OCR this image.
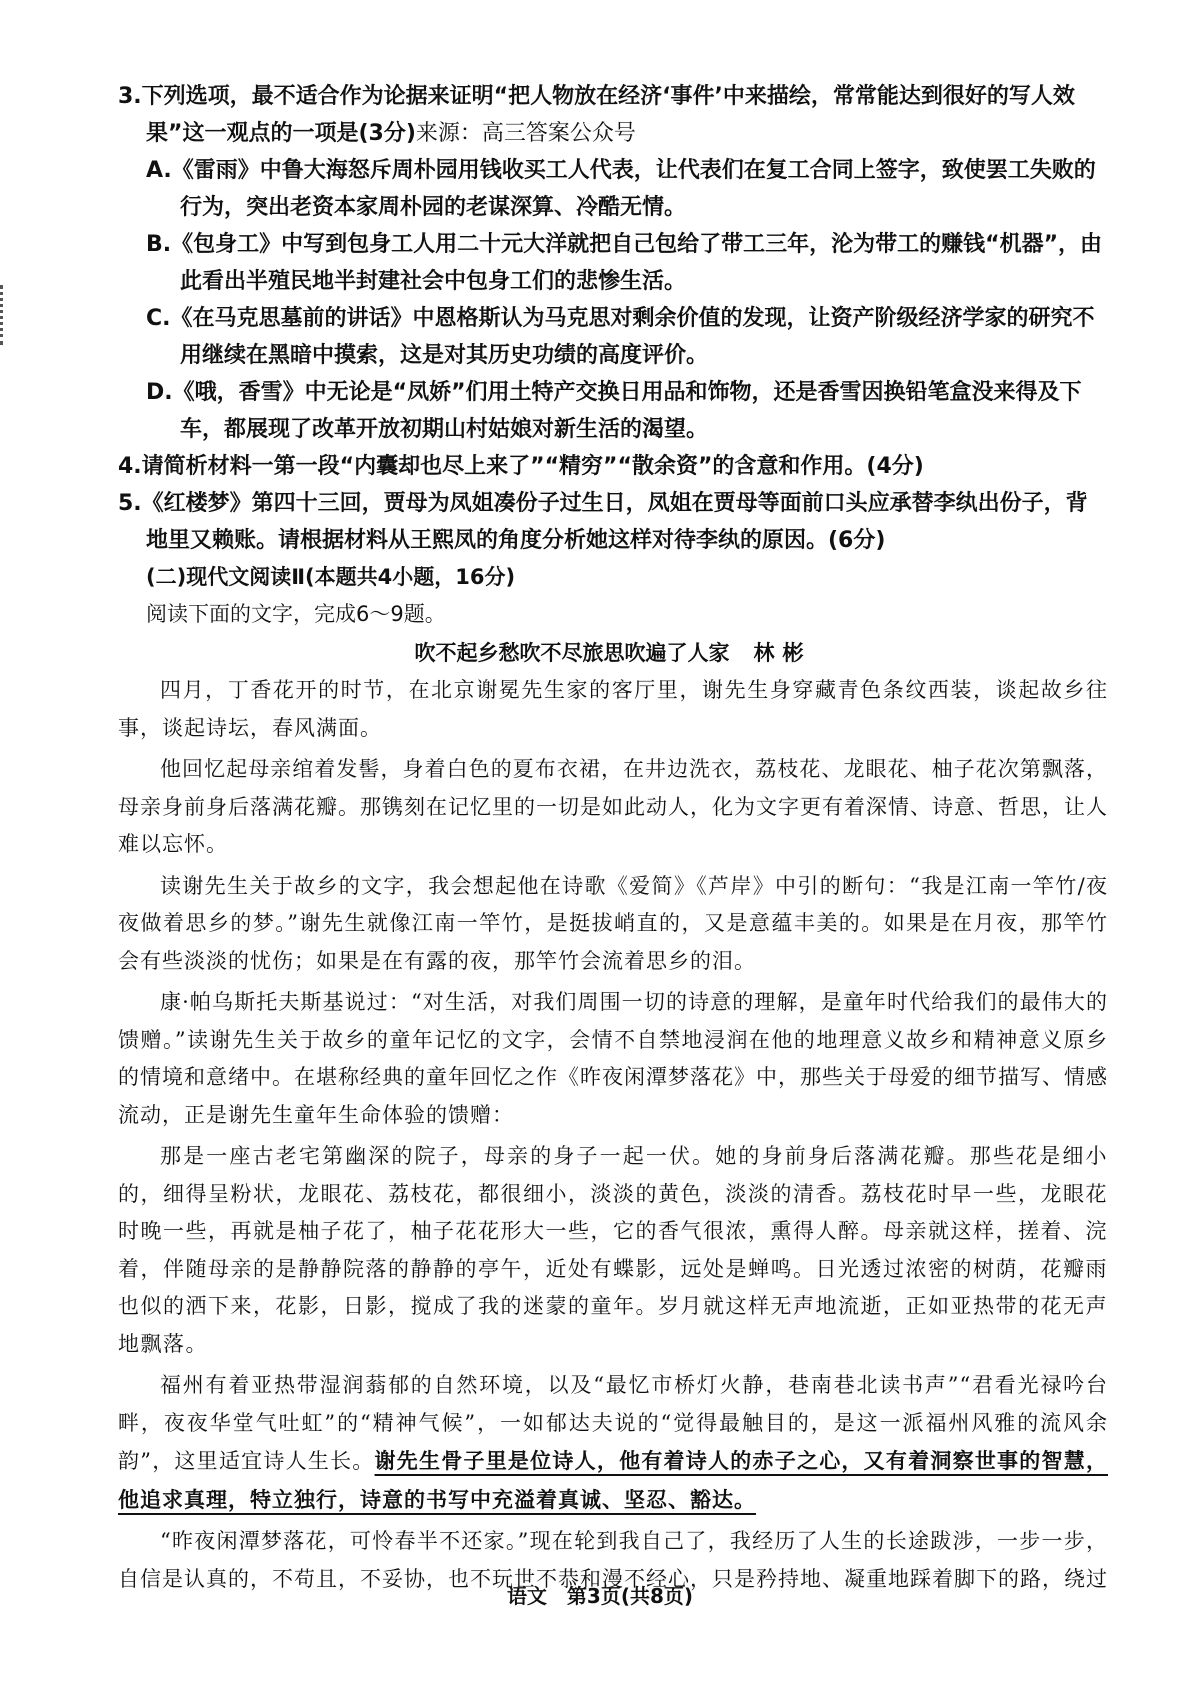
3.下列选项，最不适合作为论据来证明“把人物放在经济‘事件’中来描绘，常常能达到很好的写人效
果”这一观点的一项是(3分)来源：高三答案公众号

A.《雷雨》中鲁大海怒斥周朴园用钱收买工人代表，让代表们在复工合同上签字，致使罢工失败的行为，突出老资本家周朴园的老谋深算、冷酷无情。

B.《包身工》中写到包身工人用二十元大洋就把自己包给了带工三年，沦为带工的赚钱“机器”，由此看出半殖民地半封建社会中包身工们的悲惨生活。

C.《在马克思墓前的讲话》中恩格斯认为马克思对剩余价值的发现，让资产阶级经济学家的研究不用继续在黑暗中摸索，这是对其历史功绩的高度评价。

D.《哦，香雪》中无论是“凤娇”们用土特产交换日用品和饰物，还是香雪因换铅笔盒没来得及下车，都展现了改革开放初期山村姑娘对新生活的渴望。

4.请简析材料一第一段“内囊却也尽上来了”“精穷”“散余资”的含意和作用。(4分)

5.《红楼梦》第四十三回，贾母为凤姐凑份子过生日，凤姐在贾母等面前口头应承替李纨出份子，背地里又赖账。请根据材料从王熙凤的角度分析她这样对待李纨的原因。(6分)

(二)现代文阅读Ⅱ(本题共4小题，16分)

阅读下面的文字，完成6～9题。

吹不起乡愁吹不尽旅思吹遍了人家 林彬

四月，丁香花开的时节，在北京谢冕先生家的客厅里，谢先生身穿藏青色条纹西装，谈起故乡往事，谈起诗坛，春风满面。

他回忆起母亲绾着发髻，身着白色的夏布衣裙，在井边洗衣，荔枝花、龙眼花、柚子花次第飘落，母亲身前身后落满花瓣。那镌刻在记忆里的一切是如此动人，化为文字更有着深情、诗意、哲思，让人难以忘怀。

读谢先生关于故乡的文字，我会想起他在诗歌《爱简》《芦岸》中引的断句：“我是江南一竿竹/夜夜做着思乡的梦。”谢先生就像江南一竿竹，是挺拔峭直的，又是意蕴丰美的。如果是在月夜，那竿竹会有些淡淡的忧伤；如果是在有露的夜，那竿竹会流着思乡的泪。

康·帕乌斯托夫斯基说过：“对生活，对我们周围一切的诗意的理解，是童年时代给我们的最伟大的馈赠。”读谢先生关于故乡的童年记忆的文字，会情不自禁地浸润在他的地理意义故乡和精神意义原乡的情境和意绪中。在堪称经典的童年回忆之作《昨夜闲潭梦落花》中，那些关于母爱的细节描写、情感流动，正是谢先生童年生命体验的馈赠：

那是一座古老宅第幽深的院子，母亲的身子一起一伏。她的身前身后落满花瓣。那些花是细小的，细得呈粉状，龙眼花、荔枝花，都很细小，淡淡的黄色，淡淡的清香。荔枝花时早一些，龙眼花时晚一些，再就是柚子花了，柚子花花形大一些，它的香气很浓，熏得人醉。母亲就这样，搓着、浣着，伴随母亲的是静静院落的静静的亭午，近处有蝶影，远处是蝉鸣。日光透过浓密的树荫，花瓣雨也似的洒下来，花影，日影，搅成了我的迷蒙的童年。岁月就这样无声地流逝，正如亚热带的花无声地飘落。

福州有着亚热带湿润蓊郁的自然环境，以及“最忆市桥灯火静，巷南巷北读书声”“君看光禄吟台畔，夜夜华堂气吐虹”的“精神气候”，一如郁达夫说的“觉得最触目的，是这一派福州风雅的流风余韵”，这里适宜诗人生长。谢先生骨子里是位诗人，他有着诗人的赤子之心，又有着洞察世事的智慧，他追求真理，特立独行，诗意的书写中充溢着真诚、坚忍、豁达。

“昨夜闲潭梦落花，可怜春半不还家。”现在轮到我自己了，我经历了人生的长途跋涉，一步一步，自信是认真的，不苟且，不妥协，也不玩世不恭和漫不经心，只是矜持地、凝重地踩着脚下的路，绕过

语文　第3页(共8页)
